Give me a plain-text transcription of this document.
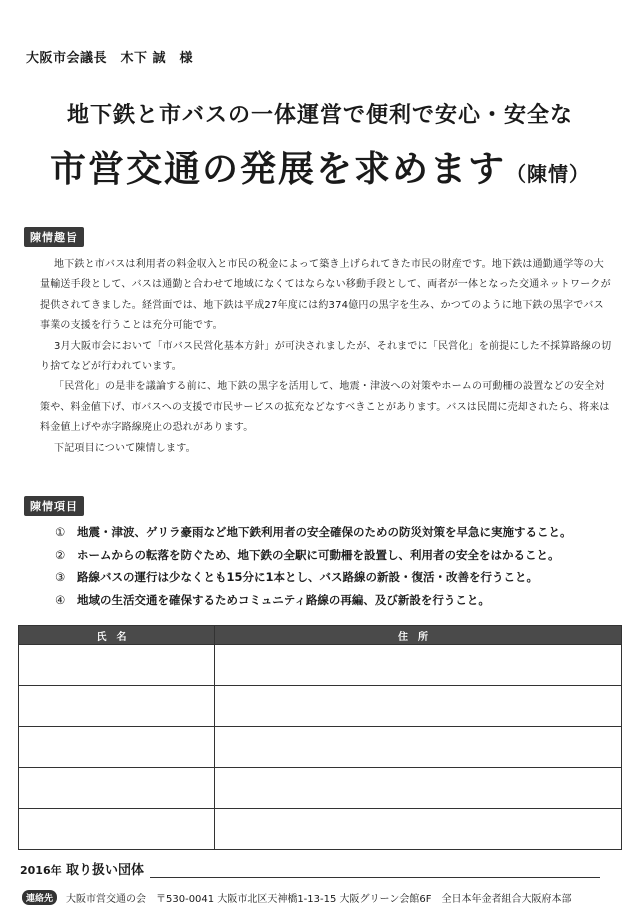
大阪市会議長　木下 誠　様
地下鉄と市バスの一体運営で便利で安心・安全な
市営交通の発展を求めます（陳情）
陳情趣旨

地下鉄と市バスは利用者の料金収入と市民の税金によって築き上げられてきた市民の財産です。地下鉄は通勤通学等の大量輸送手段として、バスは通勤と合わせて地域になくてはならない移動手段として、両者が一体となった交通ネットワークが提供されてきました。経営面では、地下鉄は平成27年度には約374億円の黒字を生み、かつてのように地下鉄の黒字でバス事業の支援を行うことは充分可能です。

3月大阪市会において「市バス民営化基本方針」が可決されましたが、それまでに「民営化」を前提にした不採算路線の切り捨てなどが行われています。

「民営化」の是非を議論する前に、地下鉄の黒字を活用して、地震・津波への対策やホームの可動柵の設置などの安全対策や、料金値下げ、市バスへの支援で市民サービスの拡充などなすべきことがあります。バスは民間に売却されたら、将来は料金値上げや赤字路線廃止の恐れがあります。

下記項目について陳情します。

陳情項目
① 地震・津波、ゲリラ豪雨など地下鉄利用者の安全確保のための防災対策を早急に実施すること。
② ホームからの転落を防ぐため、地下鉄の全駅に可動柵を設置し、利用者の安全をはかること。
③ 路線バスの運行は少なくとも15分に1本とし、バス路線の新設・復活・改善を行うこと。
④ 地域の生活交通を確保するためコミュニティ路線の再編、及び新設を行うこと。
氏名	住所

2016年 取り扱い団体
連絡先	大阪市営交通の会　〒530-0041 大阪市北区天神橋1-13-15 大阪グリーン会館6F　全日本年金者組合大阪府本部
